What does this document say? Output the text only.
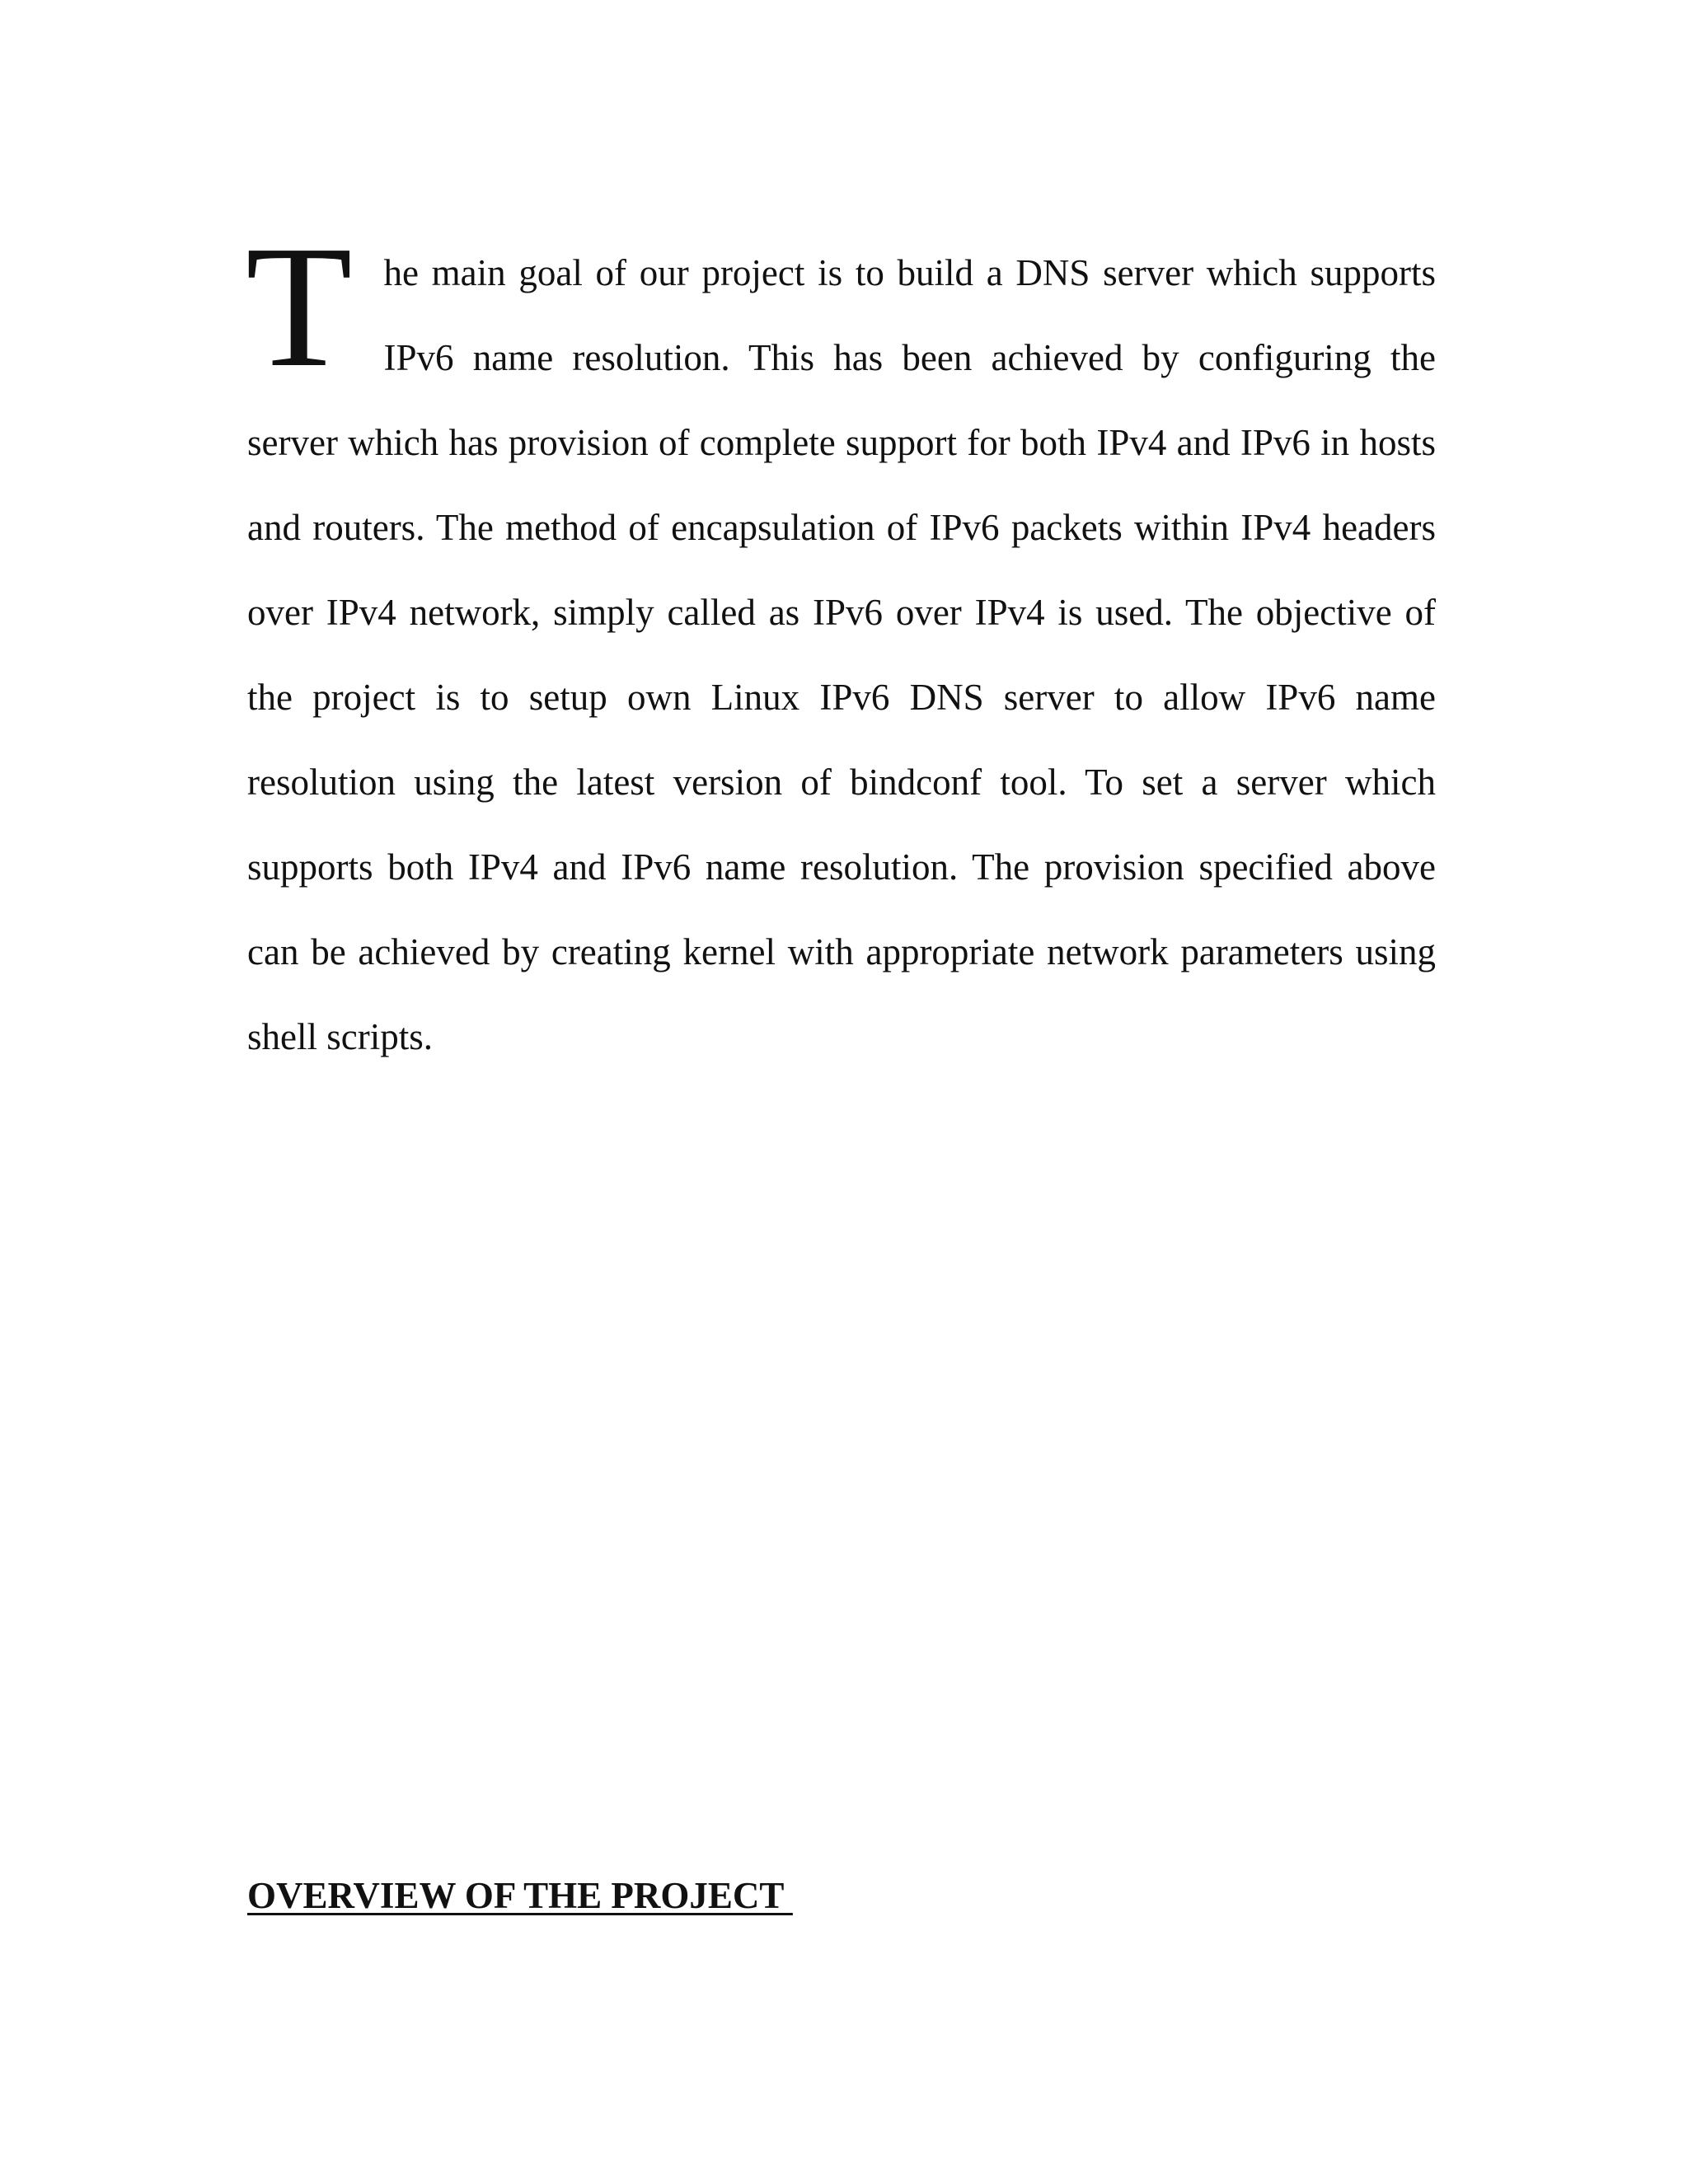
The main goal of our project is to build a DNS server which supports IPv6 name resolution. This has been achieved by configuring the server which has provision of complete support for both IPv4 and IPv6 in hosts and routers. The method of encapsulation of IPv6 packets within IPv4 headers over IPv4 network, simply called as IPv6 over IPv4 is used. The objective of the project is to setup own Linux IPv6 DNS server to allow IPv6 name resolution using the latest version of bindconf tool. To set a server which supports both IPv4 and IPv6 name resolution. The provision specified above can be achieved by creating kernel with appropriate network parameters using shell scripts.

OVERVIEW OF THE PROJECT
